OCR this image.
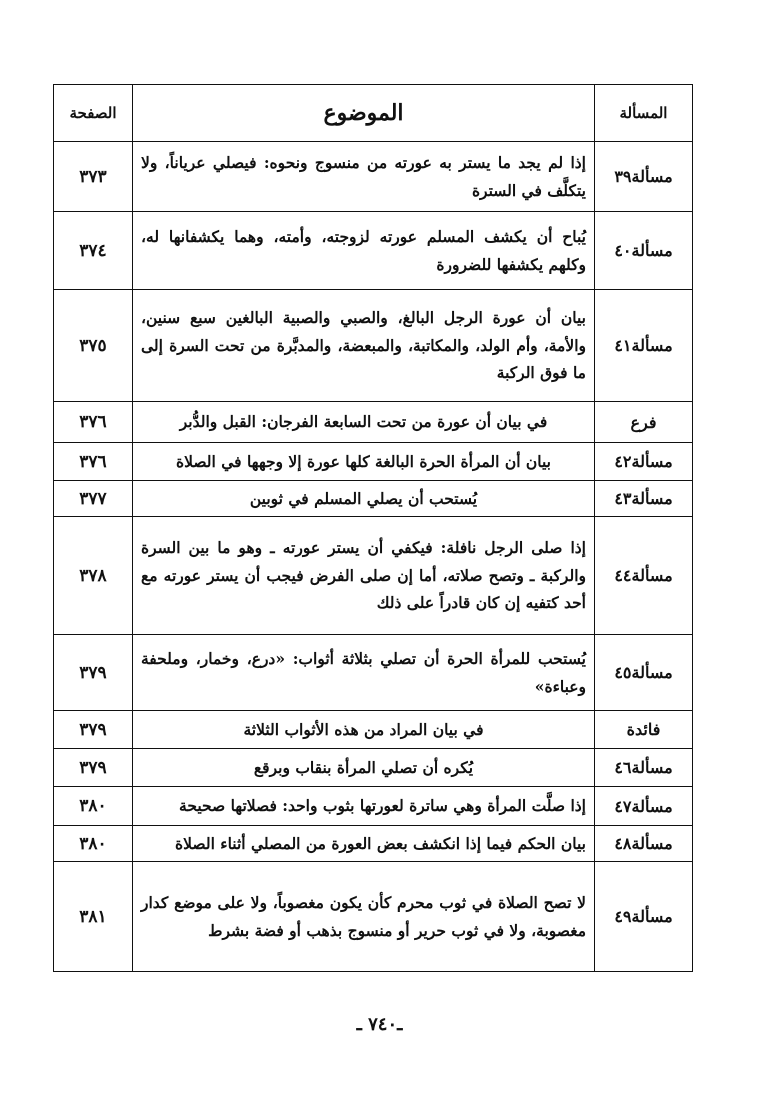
المسألة	الموضوع	الصفحة
مسألة٣٩	إذا لم يجد ما يستر به عورته من منسوج ونحوه: فيصلي عرياناً، ولا يتكلَّف في السترة	٣٧٣
مسألة٤٠	يُباح أن يكشف المسلم عورته لزوجته، وأمته، وهما يكشفانها له، وكلهم يكشفها للضرورة	٣٧٤
مسألة٤١	بيان أن عورة الرجل البالغ، والصبي والصبية البالغين سبع سنين، والأمة، وأم الولد، والمكاتبة، والمبعضة، والمدبَّرة من تحت السرة إلى ما فوق الركبة	٣٧٥
فرع	في بيان أن عورة من تحت السابعة الفرجان: القبل والدُّبر	٣٧٦
مسألة٤٢	بيان أن المرأة الحرة البالغة كلها عورة إلا وجهها في الصلاة	٣٧٦
مسألة٤٣	يُستحب أن يصلي المسلم في ثوبين	٣٧٧
مسألة٤٤	إذا صلى الرجل نافلة: فيكفي أن يستر عورته ـ وهو ما بين السرة والركبة ـ وتصح صلاته، أما إن صلى الفرض فيجب أن يستر عورته مع أحد كتفيه إن كان قادراً على ذلك	٣٧٨
مسألة٤٥	يُستحب للمرأة الحرة أن تصلي بثلاثة أثواب: «درع، وخمار، وملحفة وعباءة»	٣٧٩
فائدة	في بيان المراد من هذه الأثواب الثلاثة	٣٧٩
مسألة٤٦	يُكره أن تصلي المرأة بنقاب وبرقع	٣٧٩
مسألة٤٧	إذا صلَّت المرأة وهي ساترة لعورتها بثوب واحد: فصلاتها صحيحة	٣٨٠
مسألة٤٨	بيان الحكم فيما إذا انكشف بعض العورة من المصلي أثناء الصلاة	٣٨٠
مسألة٤٩	لا تصح الصلاة في ثوب محرم كأن يكون مغصوباً، ولا على موضع كدار مغصوبة، ولا في ثوب حرير أو منسوج بذهب أو فضة بشرط	٣٨١
ـ٧٤٠ ـ
